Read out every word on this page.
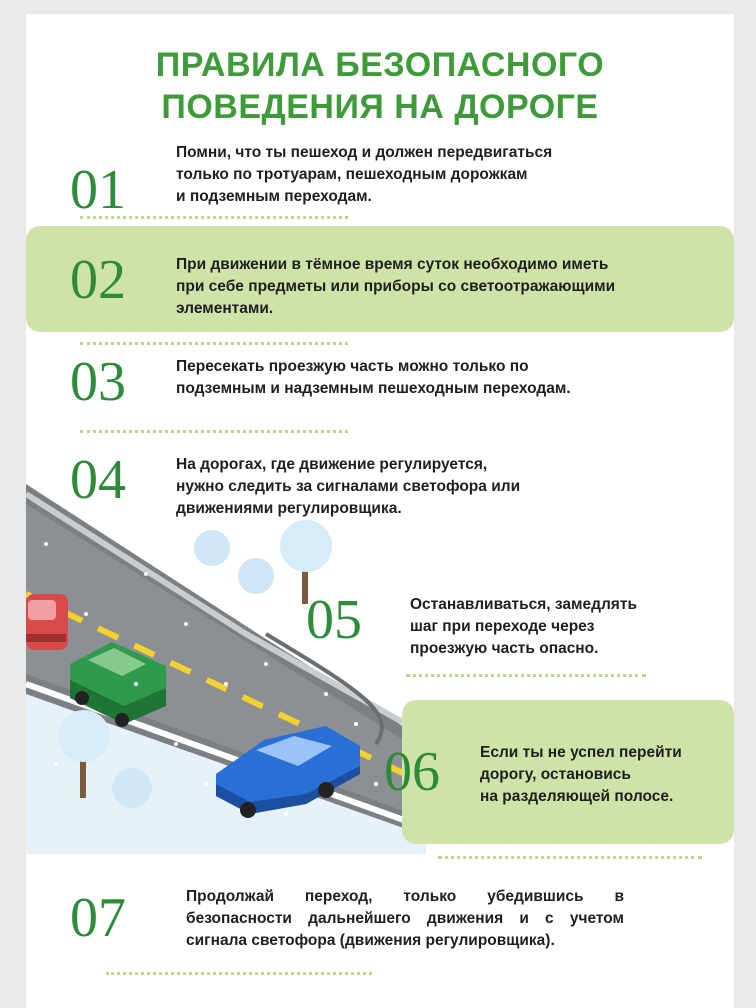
ПРАВИЛА БЕЗОПАСНОГО
ПОВЕДЕНИЯ НА ДОРОГЕ
01
Помни, что ты пешеход и должен передвигаться
только по тротуарам, пешеходным дорожкам
и подземным переходам.
02	При движении в тёмное время суток необходимо иметь
при себе предметы или приборы со светоотражающими
элементами.
03	Пересекать проезжую часть можно только по
подземным и надземным пешеходным переходам.
04	На дорогах, где движение регулируется,
нужно следить за сигналами светофора или
движениями регулировщика.
05	Останавливаться, замедлять
шаг при переходе через
проезжую часть опасно.
06	Если ты не успел перейти
дорогу, остановись
на разделяющей полосе.
07	Продолжай переход, только убедившись в
безопасности дальнейшего движения и с учетом
сигнала светофора (движения регулировщика).
